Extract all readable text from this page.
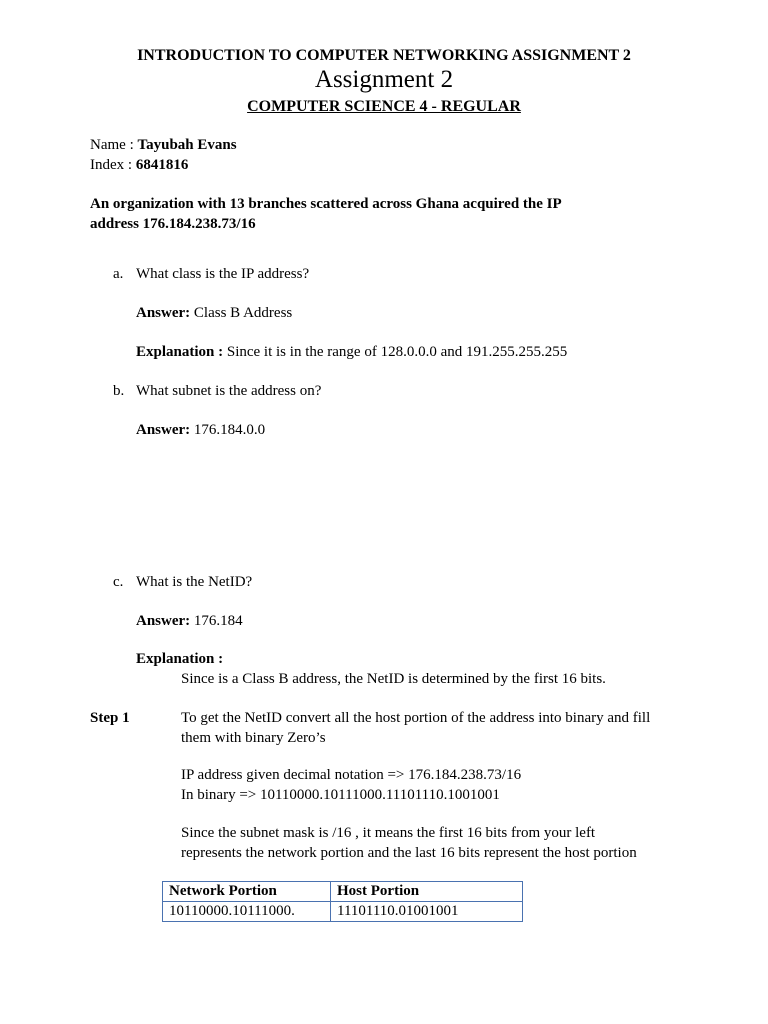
INTRODUCTION TO COMPUTER NETWORKING ASSIGNMENT 2
Assignment 2
COMPUTER SCIENCE 4 - REGULAR
Name : Tayubah Evans
Index : 6841816
An organization with 13 branches scattered across Ghana acquired the IP
address 176.184.238.73/16
a. What class is the IP address?
Answer: Class B Address
Explanation : Since it is in the range of 128.0.0.0 and 191.255.255.255
b. What subnet is the address on?
Answer: 176.184.0.0
c. What is the NetID?
Answer: 176.184
Explanation :
Since is a Class B address, the NetID is determined by the first 16 bits.
Step 1	To get the NetID convert all the host portion of the address into binary and fill
them with binary Zero’s
IP address given decimal notation => 176.184.238.73/16
In binary => 10110000.10111000.11101110.1001001
Since the subnet mask is /16 , it means the first 16 bits from your left
represents the network portion and the last 16 bits represent the host portion
Network Portion	Host Portion
10110000.10111000.	11101110.01001001
